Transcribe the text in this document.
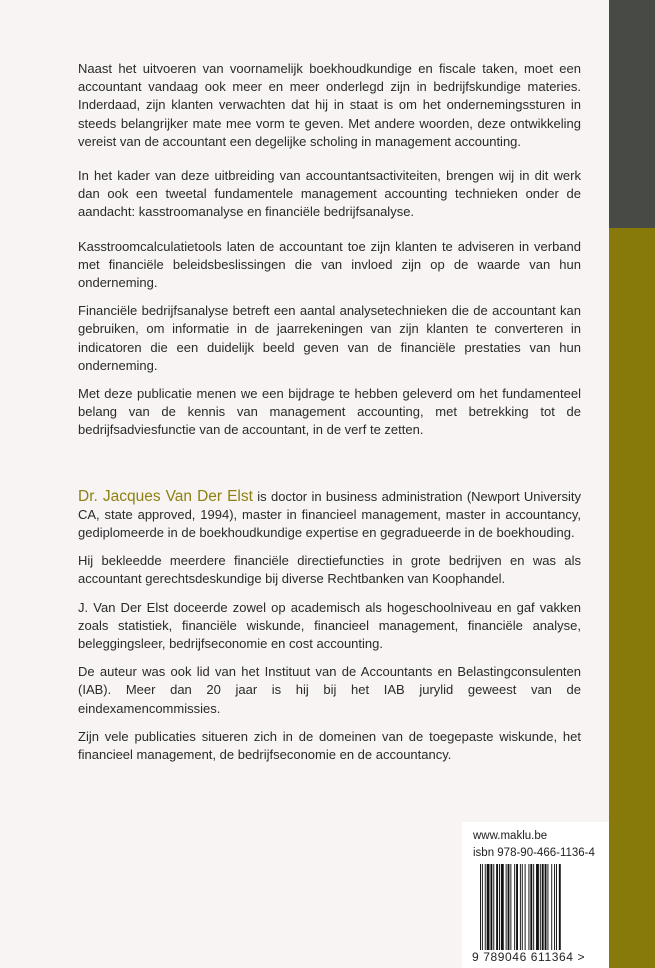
Naast het uitvoeren van voornamelijk boekhoudkundige en fiscale taken, moet een accountant vandaag ook meer en meer onderlegd zijn in bedrijfskundige materies. Inderdaad, zijn klanten verwachten dat hij in staat is om het ondernemingssturen in steeds belangrijker mate mee vorm te geven. Met andere woorden, deze ontwikkeling vereist van de accountant een degelijke scholing in management accounting.

In het kader van deze uitbreiding van accountantsactiviteiten, brengen wij in dit werk dan ook een tweetal fundamentele management accounting technieken onder de aandacht: kasstroomanalyse en financiële bedrijfsanalyse.

Kasstroomcalculatietools laten de accountant toe zijn klanten te adviseren in verband met financiële beleidsbeslissingen die van invloed zijn op de waarde van hun onderneming.

Financiële bedrijfsanalyse betreft een aantal analysetechnieken die de accountant kan gebruiken, om informatie in de jaarrekeningen van zijn klanten te converteren in indicatoren die een duidelijk beeld geven van de financiële prestaties van hun onderneming.

Met deze publicatie menen we een bijdrage te hebben geleverd om het fundamenteel belang van de kennis van management accounting, met betrekking tot de bedrijfsadviesfunctie van de accountant, in de verf te zetten.

Dr. Jacques Van Der Elst is doctor in business administration (Newport University CA, state approved, 1994), master in financieel management, master in accountancy, gediplomeerde in de boekhoudkundige expertise en gegradueerde in de boekhouding.

Hij bekleedde meerdere financiële directiefuncties in grote bedrijven en was als accountant gerechtsdeskundige bij diverse Rechtbanken van Koophandel.

J. Van Der Elst doceerde zowel op academisch als hogeschoolniveau en gaf vakken zoals statistiek, financiële wiskunde, financieel management, financiële analyse, beleggingsleer, bedrijfseconomie en cost accounting.

De auteur was ook lid van het Instituut van de Accountants en Belastingconsulenten (IAB). Meer dan 20 jaar is hij bij het IAB jurylid geweest van de eindexamencommissies.

Zijn vele publicaties situeren zich in de domeinen van de toegepaste wiskunde, het financieel management, de bedrijfseconomie en de accountancy.

www.maklu.be
isbn 978-90-466-1136-4
9 789046 611364 >
